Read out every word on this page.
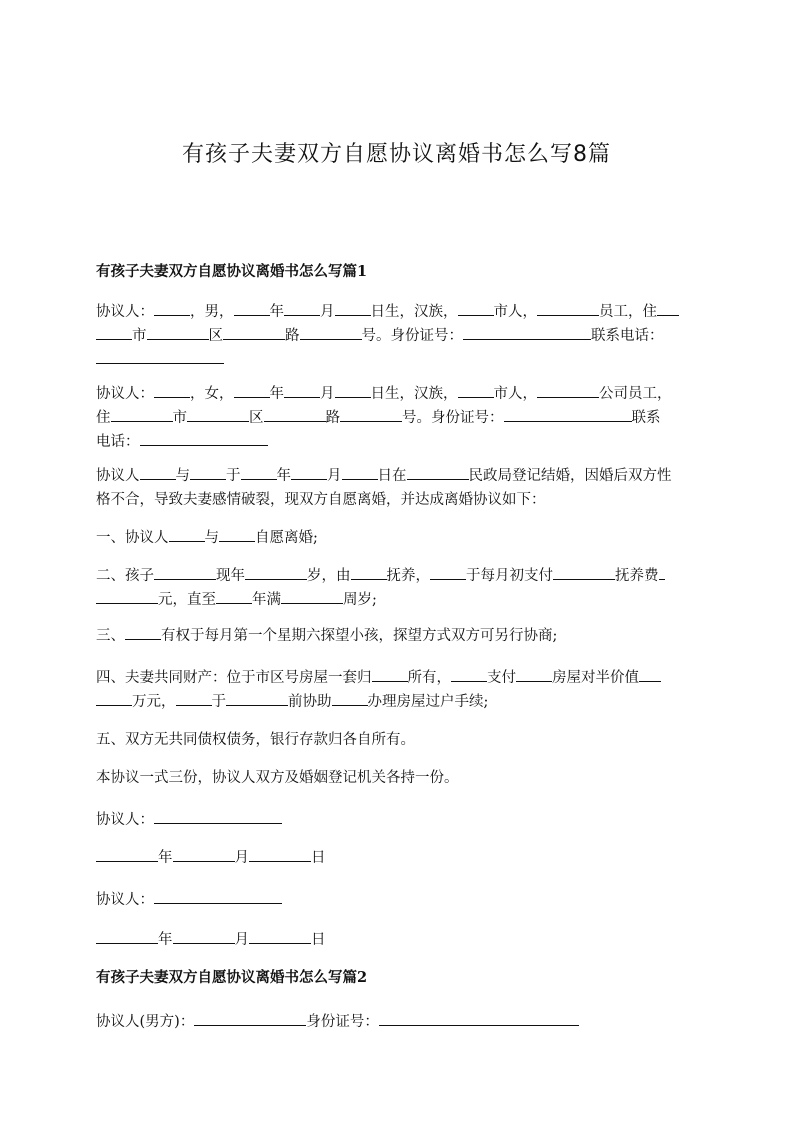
有孩子夫妻双方自愿协议离婚书怎么写8篇
有孩子夫妻双方自愿协议离婚书怎么写篇1
协议人： ，男， 年 月 日生，汉族， 市人，	员工，住
市	区	路	号。身份证号：	联系电话：
协议人： ，女， 年 月 日生，汉族， 市人，	公司员工，
住	市	区	路	号。身份证号：	联系
电话：
协议人 与 于 年 月 日在	民政局登记结婚，因婚后双方性
格不合，导致夫妻感情破裂，现双方自愿离婚，并达成离婚协议如下：
一、协议人 与 自愿离婚;
二、孩子	现年	岁，由 抚养， 于每月初支付	抚养费
元，直至 年满	周岁;
三、 有权于每月第一个星期六探望小孩，探望方式双方可另行协商;
四、夫妻共同财产：位于市区号房屋一套归 所有， 支付 房屋对半价值
万元， 于	前协助 办理房屋过户手续;
五、双方无共同债权债务，银行存款归各自所有。
本协议一式三份，协议人双方及婚姻登记机关各持一份。
协议人：
年	月	日
协议人：
年	月	日
有孩子夫妻双方自愿协议离婚书怎么写篇2
协议人(男方)：	身份证号：
